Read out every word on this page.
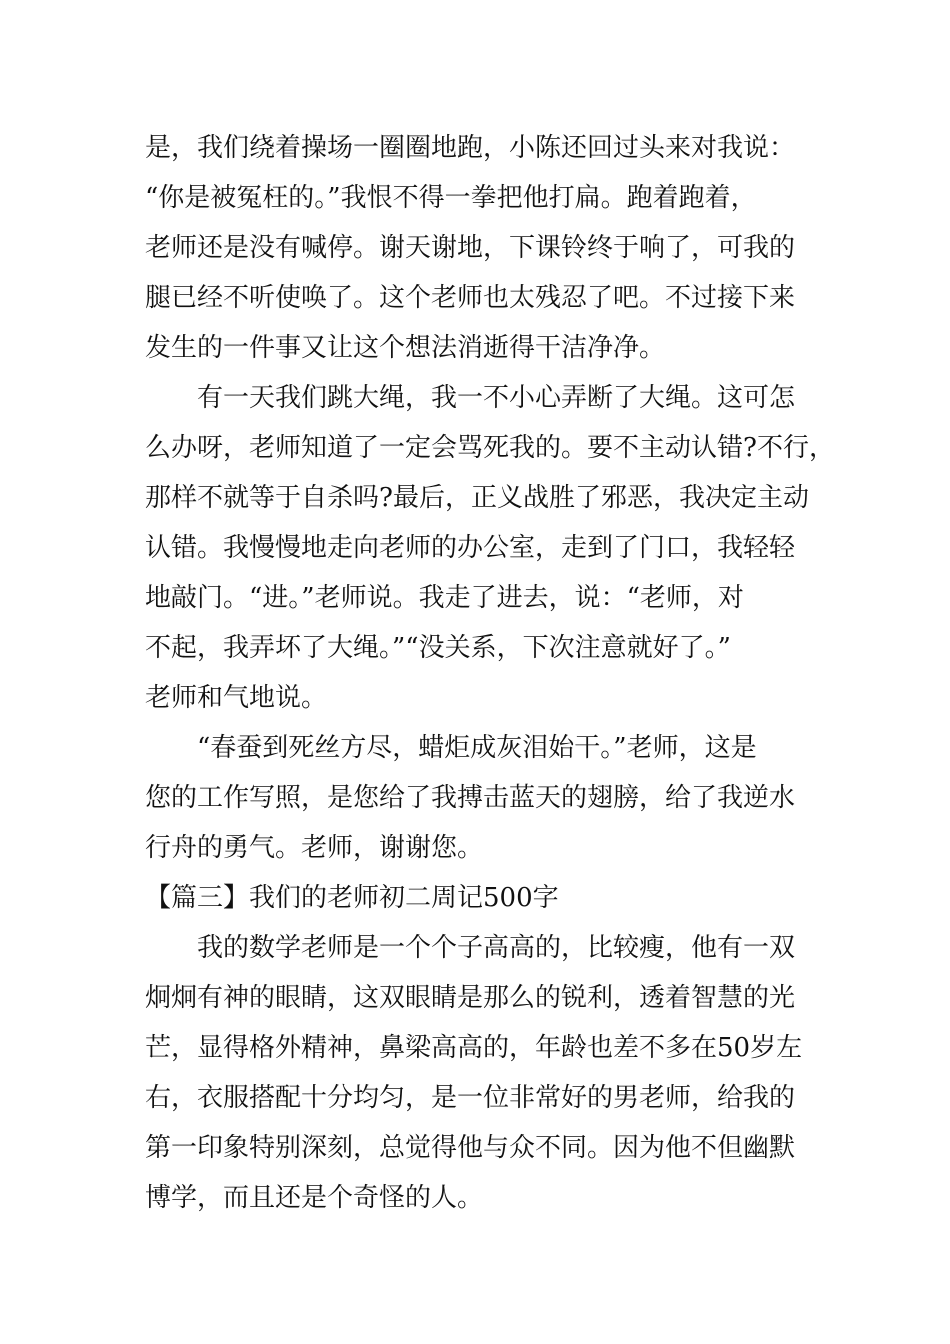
是，我们绕着操场一圈圈地跑，小陈还回过头来对我说：
“你是被冤枉的。”我恨不得一拳把他打扁。跑着跑着，
老师还是没有喊停。谢天谢地，下课铃终于响了，可我的
腿已经不听使唤了。这个老师也太残忍了吧。不过接下来
发生的一件事又让这个想法消逝得干洁净净。
有一天我们跳大绳，我一不小心弄断了大绳。这可怎
么办呀，老师知道了一定会骂死我的。要不主动认错?不行，
那样不就等于自杀吗?最后，正义战胜了邪恶，我决定主动
认错。我慢慢地走向老师的办公室，走到了门口，我轻轻
地敲门。“进。”老师说。我走了进去，说：“老师，对
不起，我弄坏了大绳。”“没关系，下次注意就好了。”
老师和气地说。
“春蚕到死丝方尽，蜡炬成灰泪始干。”老师，这是
您的工作写照，是您给了我搏击蓝天的翅膀，给了我逆水
行舟的勇气。老师，谢谢您。
【篇三】我们的老师初二周记500字
我的数学老师是一个个子高高的，比较瘦，他有一双
炯炯有神的眼睛，这双眼睛是那么的锐利，透着智慧的光
芒，显得格外精神，鼻梁高高的，年龄也差不多在50岁左
右，衣服搭配十分均匀，是一位非常好的男老师，给我的
第一印象特别深刻，总觉得他与众不同。因为他不但幽默
博学，而且还是个奇怪的人。
